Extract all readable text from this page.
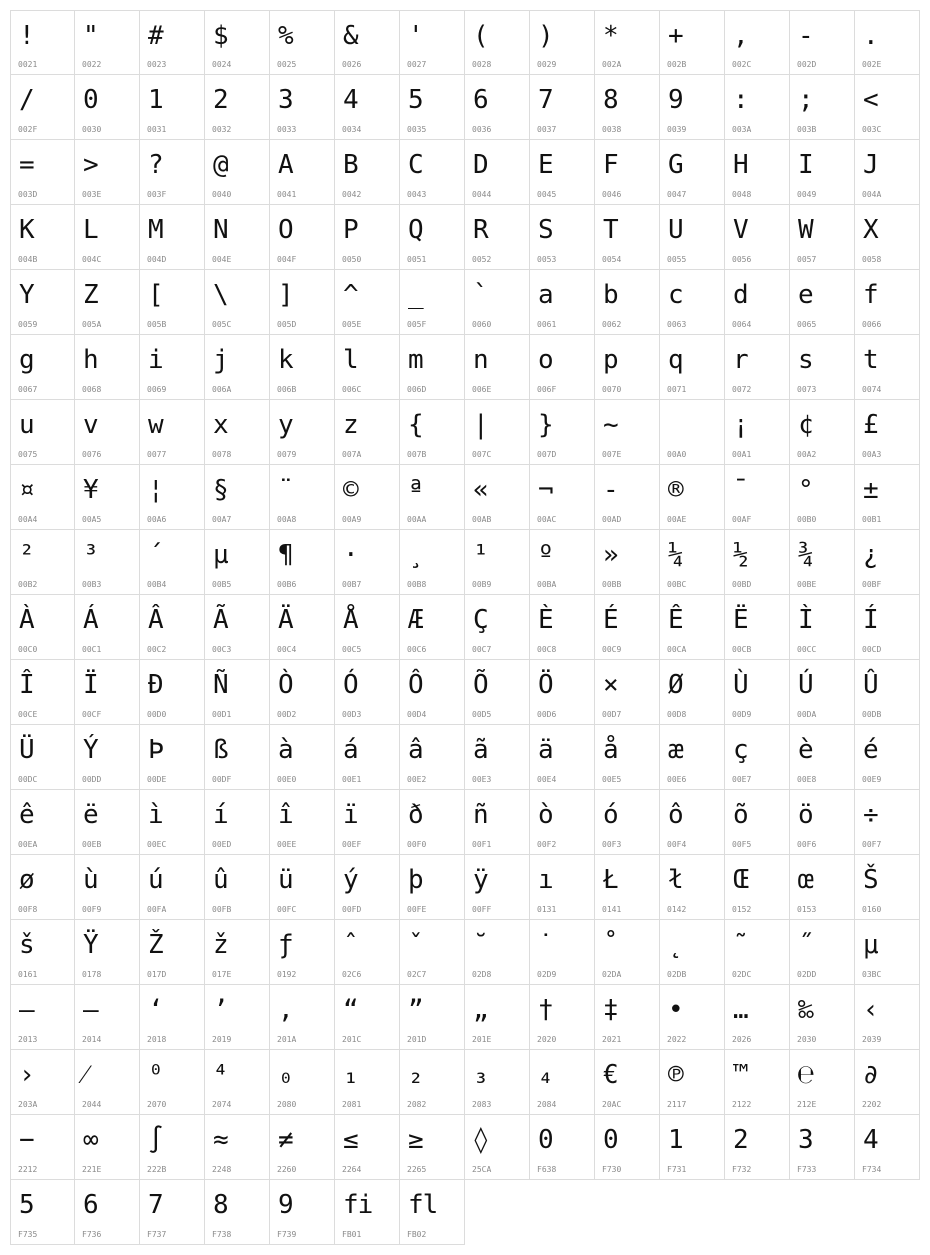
!
0021
"
0022
#
0023
$
0024
%
0025
&
0026
'
0027
(
0028
)
0029
*
002A
+
002B
,
002C
-
002D
.
002E
/
002F
0
0030
1
0031
2
0032
3
0033
4
0034
5
0035
6
0036
7
0037
8
0038
9
0039
:
003A
;
003B
<
003C
=
003D
>
003E
?
003F
@
0040
A
0041
B
0042
C
0043
D
0044
E
0045
F
0046
G
0047
H
0048
I
0049
J
004A
K
004B
L
004C
M
004D
N
004E
O
004F
P
0050
Q
0051
R
0052
S
0053
T
0054
U
0055
V
0056
W
0057
X
0058
Y
0059
Z
005A
[
005B
\
005C
]
005D
^
005E
_
005F
`
0060
a
0061
b
0062
c
0063
d
0064
e
0065
f
0066
g
0067
h
0068
i
0069
j
006A
k
006B
l
006C
m
006D
n
006E
o
006F
p
0070
q
0071
r
0072
s
0073
t
0074
u
0075
v
0076
w
0077
x
0078
y
0079
z
007A
{
007B
|
007C
}
007D
~
007E	00A0
¡
00A1
¢
00A2
£
00A3
¤
00A4
¥
00A5
¦
00A6
§
00A7
¨
00A8
©
00A9
ª
00AA
«
00AB
¬
00AC
-
00AD
®
00AE
¯
00AF
°
00B0
±
00B1
²
00B2
³
00B3
´
00B4
µ
00B5
¶
00B6
·
00B7
¸
00B8
¹
00B9
º
00BA
»
00BB
¼
00BC
½
00BD
¾
00BE
¿
00BF
À
00C0
Á
00C1
Â
00C2
Ã
00C3
Ä
00C4
Å
00C5
Æ
00C6
Ç
00C7
È
00C8
É
00C9
Ê
00CA
Ë
00CB
Ì
00CC
Í
00CD
Î
00CE
Ï
00CF
Ð
00D0
Ñ
00D1
Ò
00D2
Ó
00D3
Ô
00D4
Õ
00D5
Ö
00D6
×
00D7
Ø
00D8
Ù
00D9
Ú
00DA
Û
00DB
Ü
00DC
Ý
00DD
Þ
00DE
ß
00DF
à
00E0
á
00E1
â
00E2
ã
00E3
ä
00E4
å
00E5
æ
00E6
ç
00E7
è
00E8
é
00E9
ê
00EA
ë
00EB
ì
00EC
í
00ED
î
00EE
ï
00EF
ð
00F0
ñ
00F1
ò
00F2
ó
00F3
ô
00F4
õ
00F5
ö
00F6
÷
00F7
ø
00F8
ù
00F9
ú
00FA
û
00FB
ü
00FC
ý
00FD
þ
00FE
ÿ
00FF
ı
0131
Ł
0141
ł
0142
Œ
0152
œ
0153
Š
0160
š
0161
Ÿ
0178
Ž
017D
ž
017E
ƒ
0192
ˆ
02C6
ˇ
02C7
˘
02D8
˙
02D9
˚
02DA
˛
02DB
˜
02DC
˝
02DD
μ
03BC
–
2013
—
2014
‘
2018
’
2019
‚
201A
“
201C
”
201D
„
201E
†
2020
‡
2021
•
2022
…
2026
‰
2030
‹
2039
›
203A
⁄
2044
⁰
2070
⁴
2074
₀
2080
₁
2081
₂
2082
₃
2083
₄
2084
€
20AC
℗
2117
™
2122
℮
212E
∂
2202
−
2212
∞
221E
∫
222B
≈
2248
≠
2260
≤
2264
≥
2265
◊
25CA
0
F638
0
F730
1
F731
2
F732
3
F733
4
F734
5
F735
6
F736
7
F737
8
F738
9
F739
fi
FB01
fl
FB02
